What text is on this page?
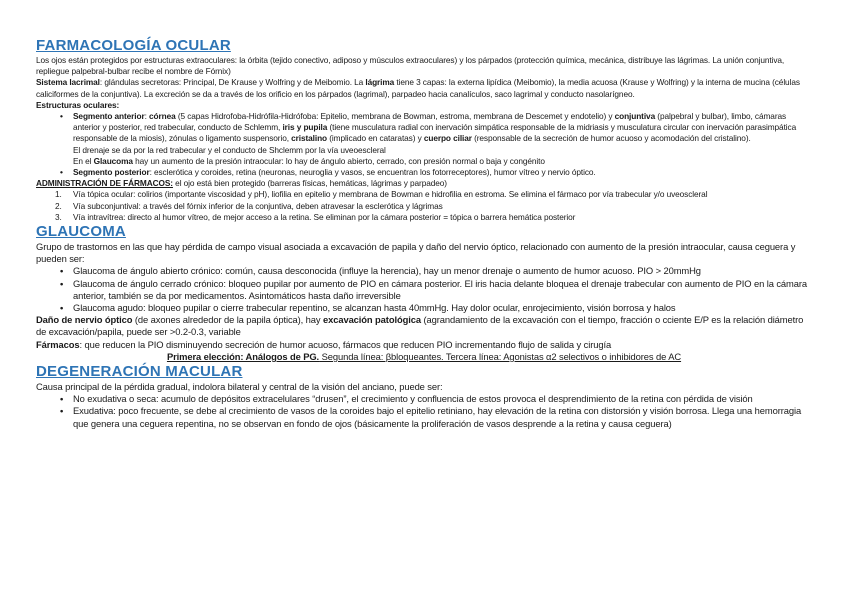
FARMACOLOGÍA OCULAR

Los ojos están protegidos por estructuras extraoculares: la órbita (tejido conectivo, adiposo y músculos extraoculares) y los párpados (protección química, mecánica, distribuye las lágrimas. La unión conjuntiva, repliegue palpebral-bulbar recibe el nombre de Fórnix)

Sistema lacrimal: glándulas secretoras: Principal, De Krause y Wolfring y de Meibomio. La lágrima tiene 3 capas: la externa lipídica (Meibomio), la media acuosa (Krause y Wolfring) y la interna de mucina (células caliciformes de la conjuntiva). La excreción se da a través de los orificio en los párpados (lagrimal), parpadeo hacia canalículos, saco lagrimal y conducto nasolarígneo.

Estructuras oculares:

• Segmento anterior: córnea (5 capas Hidrofoba-Hidrófila-Hidrófoba: Epitelio, membrana de Bowman, estroma, membrana de Descemet y endotelio) y conjuntiva (palpebral y bulbar), limbo, cámaras anterior y posterior, red trabecular, conducto de Schlemm, iris y pupila (tiene musculatura radial con inervación simpática responsable de la midriasis y musculatura circular con inervación parasimpática responsable de la miosis), zónulas o ligamento suspensorio, cristalino (implicado en cataratas) y cuerpo ciliar (responsable de la secreción de humor acuoso y acomodación del cristalino).

El drenaje se da por la red trabecular y el conducto de Shclemm por la vía uveoescleral

En el Glaucoma hay un aumento de la presión intraocular: lo hay de ángulo abierto, cerrado, con presión normal o baja y congénito

• Segmento posterior: esclerótica y coroides, retina (neuronas, neuroglia y vasos, se encuentran los fotorreceptores), humor vítreo y nervio óptico.

ADMINISTRACIÓN DE FÁRMACOS: el ojo está bien protegido (barreras físicas, hemáticas, lágrimas y parpadeo)

1. Vía tópica ocular: colirios (importante viscosidad y pH), liofilia en epitelio y membrana de Bowman e hidrofilia en estroma. Se elimina el fármaco por vía trabecular y/o uveoscleral
2. Vía subconjuntival: a través del fórnix inferior de la conjuntiva, deben atravesar la esclerótica y lágrimas
3. Vía intravítrea: directo al humor vítreo, de mejor acceso a la retina. Se eliminan por la cámara posterior = tópica o barrera hemática posterior
GLAUCOMA

Grupo de trastornos en las que hay pérdida de campo visual asociada a excavación de papila y daño del nervio óptico, relacionado con aumento de la presión intraocular, causa ceguera y pueden ser:

• Glaucoma de ángulo abierto crónico: común, causa desconocida (influye la herencia), hay un menor drenaje o aumento de humor acuoso. PIO > 20mmHg
• Glaucoma de ángulo cerrado crónico: bloqueo pupilar por aumento de PIO en cámara posterior. El iris hacia delante bloquea el drenaje trabecular con aumento de PIO en la cámara anterior, también se da por medicamentos. Asintomáticos hasta daño irreversible
• Glaucoma agudo: bloqueo pupilar o cierre trabecular repentino, se alcanzan hasta 40mmHg. Hay dolor ocular, enrojecimiento, visión borrosa y halos

Daño de nervio óptico (de axones alrededor de la papila óptica), hay excavación patológica (agrandamiento de la excavación con el tiempo, fracción o cciente E/P es la relación diámetro de excavación/papila, puede ser >0.2-0.3, variable

Fármacos: que reducen la PIO disminuyendo secreción de humor acuoso, fármacos que reducen PIO incrementando flujo de salida y cirugía

Primera elección: Análogos de PG. Segunda línea: βbloqueantes. Tercera línea: Agonistas α2 selectivos o inhibidores de AC

DEGENERACIÓN MACULAR

Causa principal de la pérdida gradual, indolora bilateral y central de la visión del anciano, puede ser:

• No exudativa o seca: acumulo de depósitos extracelulares “drusen”, el crecimiento y confluencia de estos provoca el desprendimiento de la retina con pérdida de visión
• Exudativa: poco frecuente, se debe al crecimiento de vasos de la coroides bajo el epitelio retiniano, hay elevación de la retina con distorsión y visión borrosa. Llega una hemorragia que genera una ceguera repentina, no se observan en fondo de ojos (básicamente la proliferación de vasos desprende a la retina y causa ceguera)
